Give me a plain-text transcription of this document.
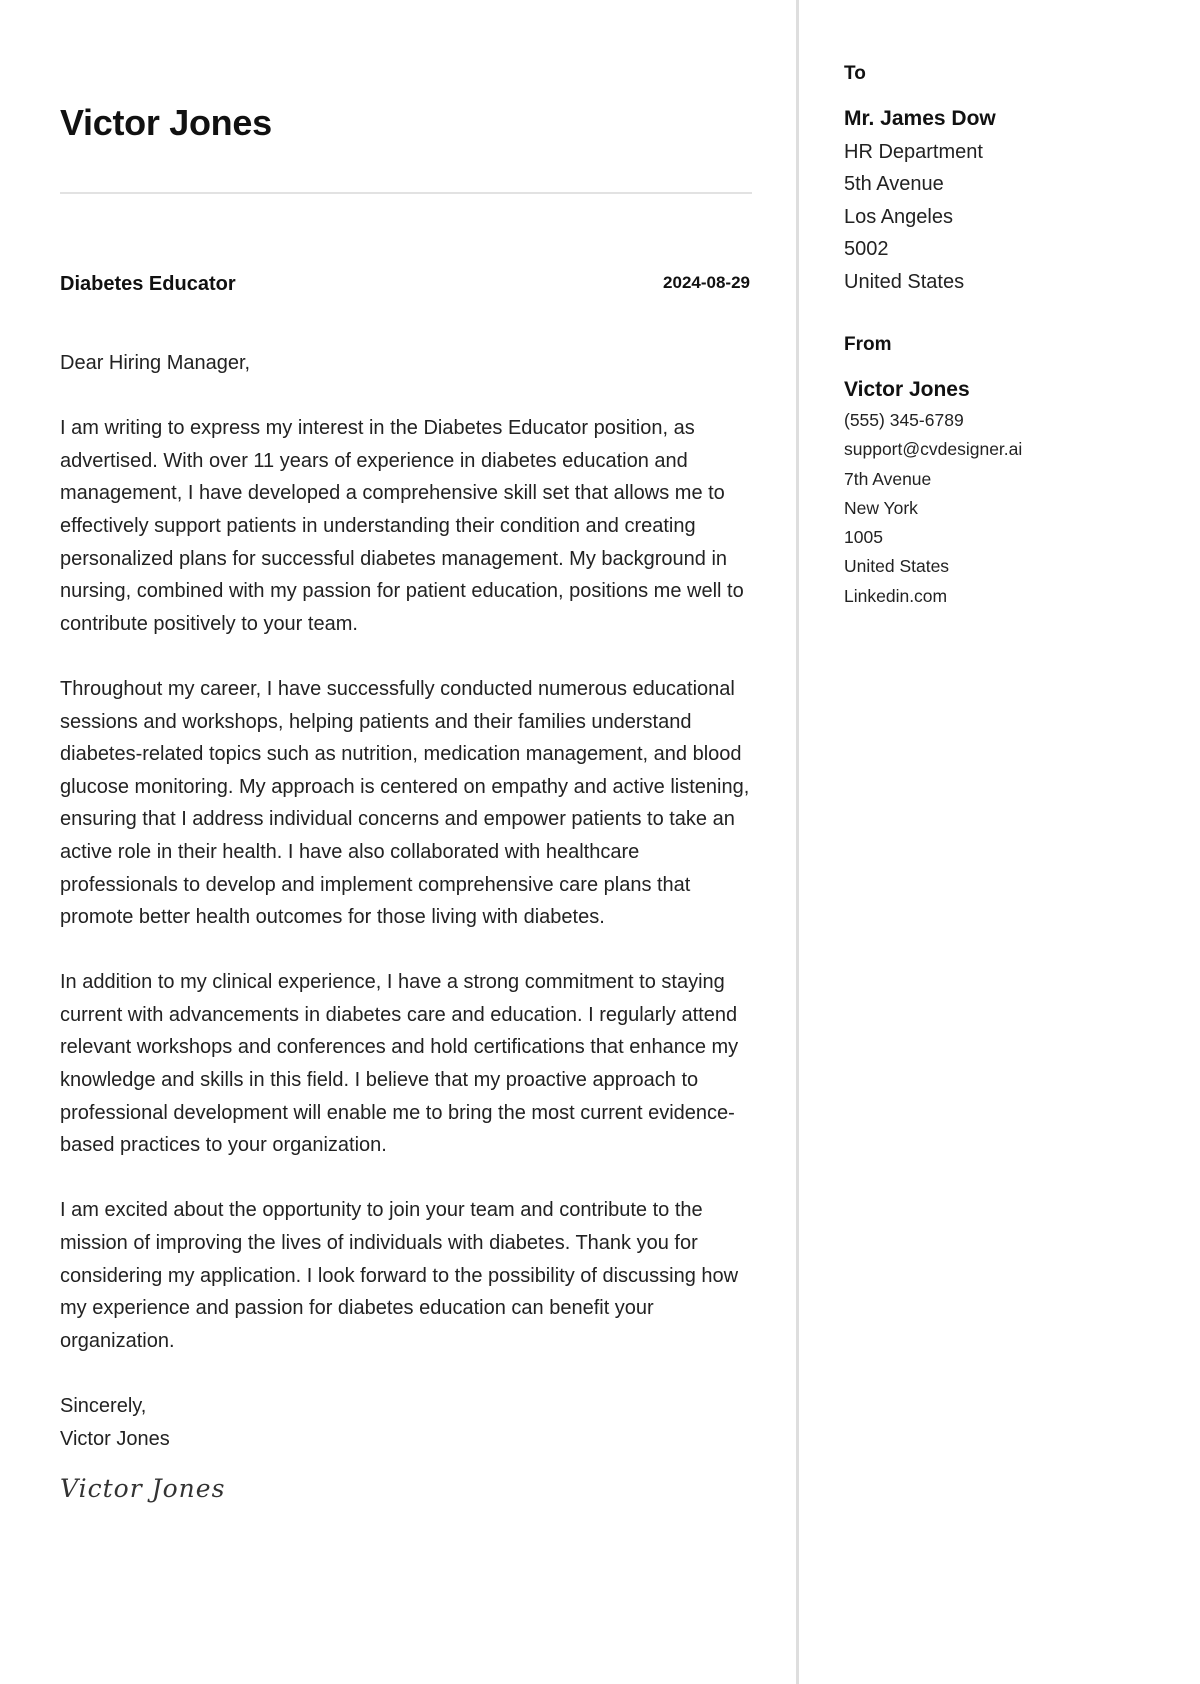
Victor Jones
Diabetes Educator	2024-08-29

Dear Hiring Manager,

I am writing to express my interest in the Diabetes Educator position, as advertised. With over 11 years of experience in diabetes education and management, I have developed a comprehensive skill set that allows me to effectively support patients in understanding their condition and creating personalized plans for successful diabetes management. My background in nursing, combined with my passion for patient education, positions me well to contribute positively to your team.

Throughout my career, I have successfully conducted numerous educational sessions and workshops, helping patients and their families understand diabetes-related topics such as nutrition, medication management, and blood glucose monitoring. My approach is centered on empathy and active listening, ensuring that I address individual concerns and empower patients to take an active role in their health. I have also collaborated with healthcare professionals to develop and implement comprehensive care plans that promote better health outcomes for those living with diabetes.

In addition to my clinical experience, I have a strong commitment to staying current with advancements in diabetes care and education. I regularly attend relevant workshops and conferences and hold certifications that enhance my knowledge and skills in this field. I believe that my proactive approach to professional development will enable me to bring the most current evidence-based practices to your organization.

I am excited about the opportunity to join your team and contribute to the mission of improving the lives of individuals with diabetes. Thank you for considering my application. I look forward to the possibility of discussing how my experience and passion for diabetes education can benefit your organization.

Sincerely,
Victor Jones
Victor Jones
To
Mr. James Dow
HR Department
5th Avenue
Los Angeles
5002
United States
From
Victor Jones
(555) 345-6789
support@cvdesigner.ai
7th Avenue
New York
1005
United States
Linkedin.com
